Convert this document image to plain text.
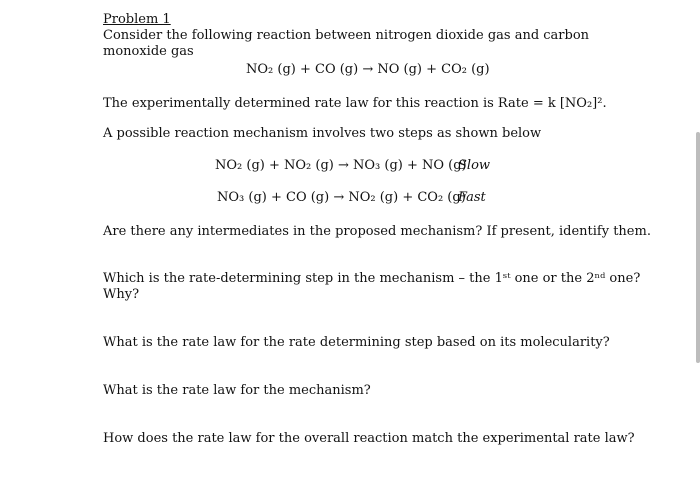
Problem 1
Consider the following reaction between nitrogen dioxide gas and carbon monoxide gas
NO₂ (g) + CO (g) → NO (g) + CO₂ (g)
The experimentally determined rate law for this reaction is Rate = k [NO₂]².
A possible reaction mechanism involves two steps as shown below
NO₂ (g) + NO₂ (g) → NO₃ (g) + NO (g)
Slow
NO₃ (g) + CO (g) → NO₂ (g) + CO₂ (g)
Fast
Are there any intermediates in the proposed mechanism? If present, identify them.
Which is the rate-determining step in the mechanism – the 1ˢᵗ one or the 2ⁿᵈ one?
Why?
What is the rate law for the rate determining step based on its molecularity?
What is the rate law for the mechanism?
How does the rate law for the overall reaction match the experimental rate law?
